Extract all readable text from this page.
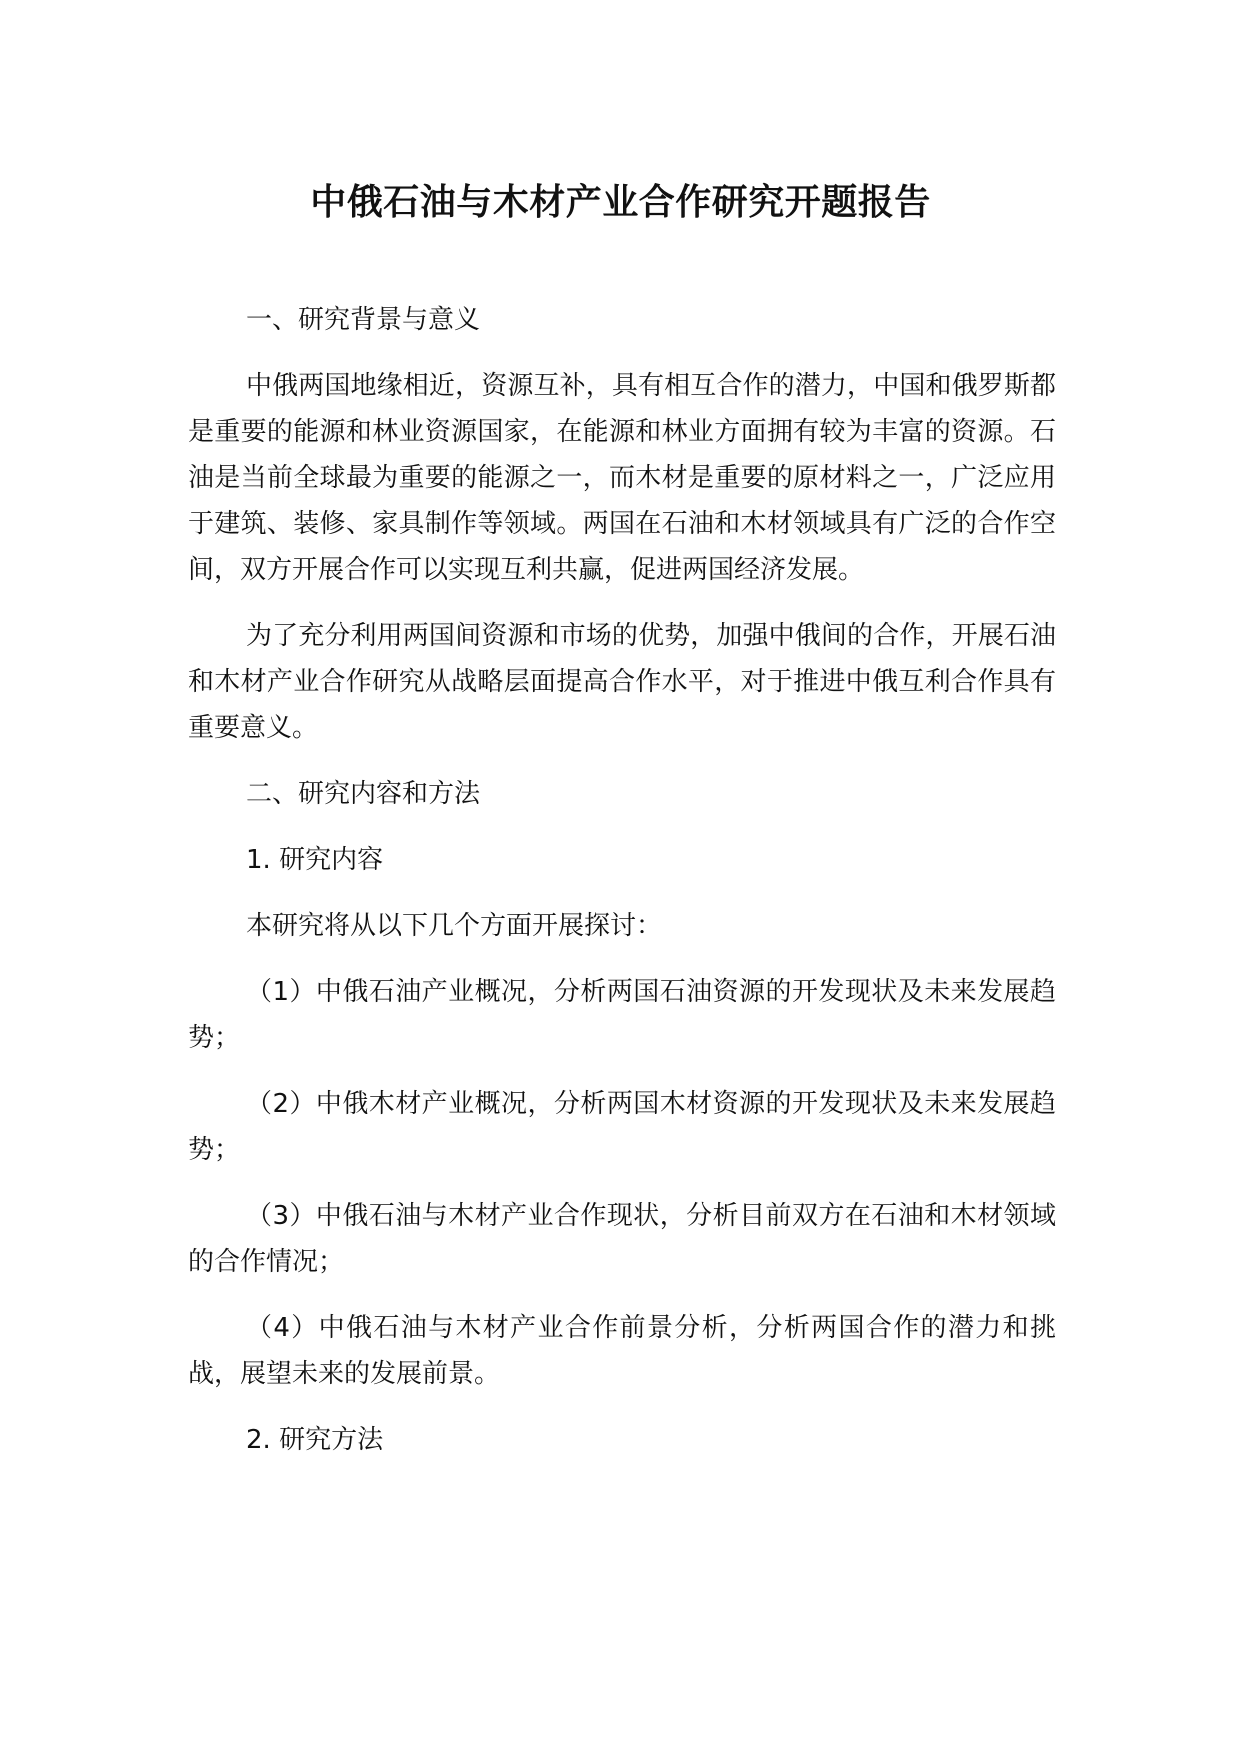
中俄石油与木材产业合作研究开题报告

一、研究背景与意义

中俄两国地缘相近，资源互补，具有相互合作的潜力，中国和俄罗斯都是重要的能源和林业资源国家，在能源和林业方面拥有较为丰富的资源。石油是当前全球最为重要的能源之一，而木材是重要的原材料之一，广泛应用于建筑、装修、家具制作等领域。两国在石油和木材领域具有广泛的合作空间，双方开展合作可以实现互利共赢，促进两国经济发展。

为了充分利用两国间资源和市场的优势，加强中俄间的合作，开展石油和木材产业合作研究从战略层面提高合作水平，对于推进中俄互利合作具有重要意义。

二、研究内容和方法

1. 研究内容

本研究将从以下几个方面开展探讨：

（1）中俄石油产业概况，分析两国石油资源的开发现状及未来发展趋势；

（2）中俄木材产业概况，分析两国木材资源的开发现状及未来发展趋势；

（3）中俄石油与木材产业合作现状，分析目前双方在石油和木材领域的合作情况；

（4）中俄石油与木材产业合作前景分析，分析两国合作的潜力和挑战，展望未来的发展前景。

2. 研究方法
